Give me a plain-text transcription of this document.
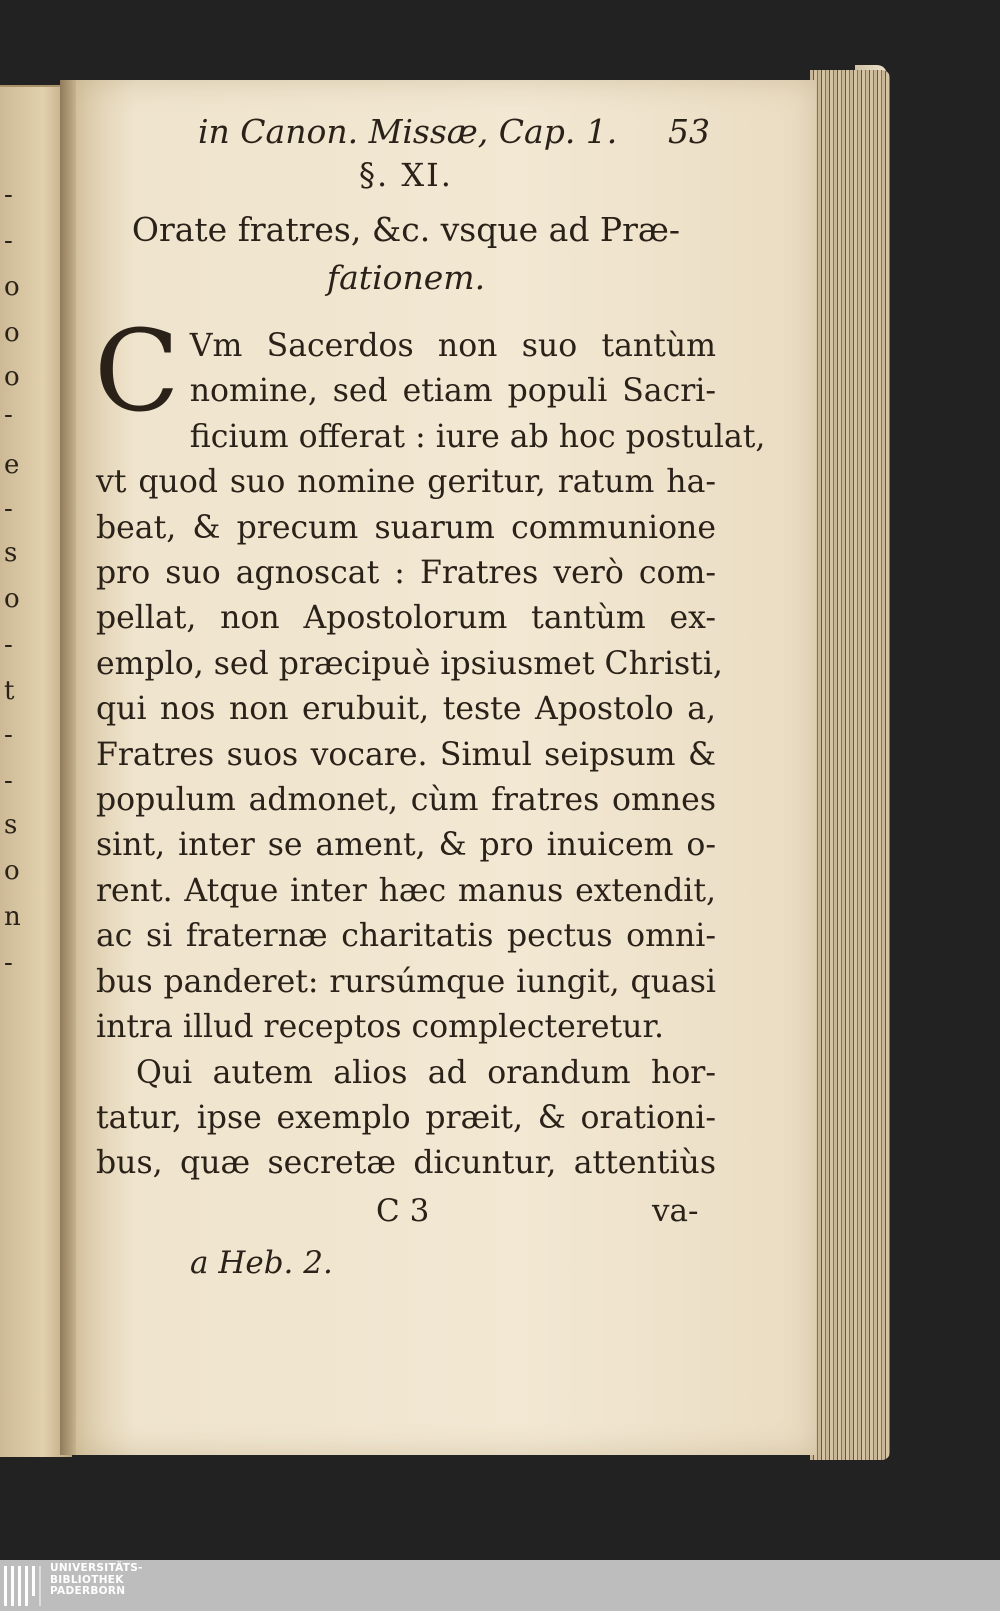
in Canon. Missæ, Cap. 1. 53
§. XI.
Orate fratres, &c. vsque ad Præ-
fationem.
C Vm Sacerdos non suo tantùm
nomine, sed etiam populi Sacri-
ficium offerat : iure ab hoc postulat,
vt quod suo nomine geritur, ratum ha-
beat, & precum suarum communione
pro suo agnoscat : Fratres verò com-
pellat, non Apostolorum tantùm ex-
emplo, sed præcipuè ipsiusmet Christi,
qui nos non erubuit, teste Apostolo a,
Fratres suos vocare. Simul seipsum &
populum admonet, cùm fratres omnes
sint, inter se ament, & pro inuicem o-
rent. Atque inter hæc manus extendit,
ac si fraternæ charitatis pectus omni-
bus panderet: rursúmque iungit, quasi
intra illud receptos complecteretur.
Qui autem alios ad orandum hor-
tatur, ipse exemplo præit, & orationi-
bus, quæ secretæ dicuntur, attentiùs
C 3	va-
a Heb. 2.
-
-
o
o
o
-
e
-
s
o
-
t
-
-
s
o
n
-
UNIVERSITÄTS-
BIBLIOTHEK
PADERBORN
